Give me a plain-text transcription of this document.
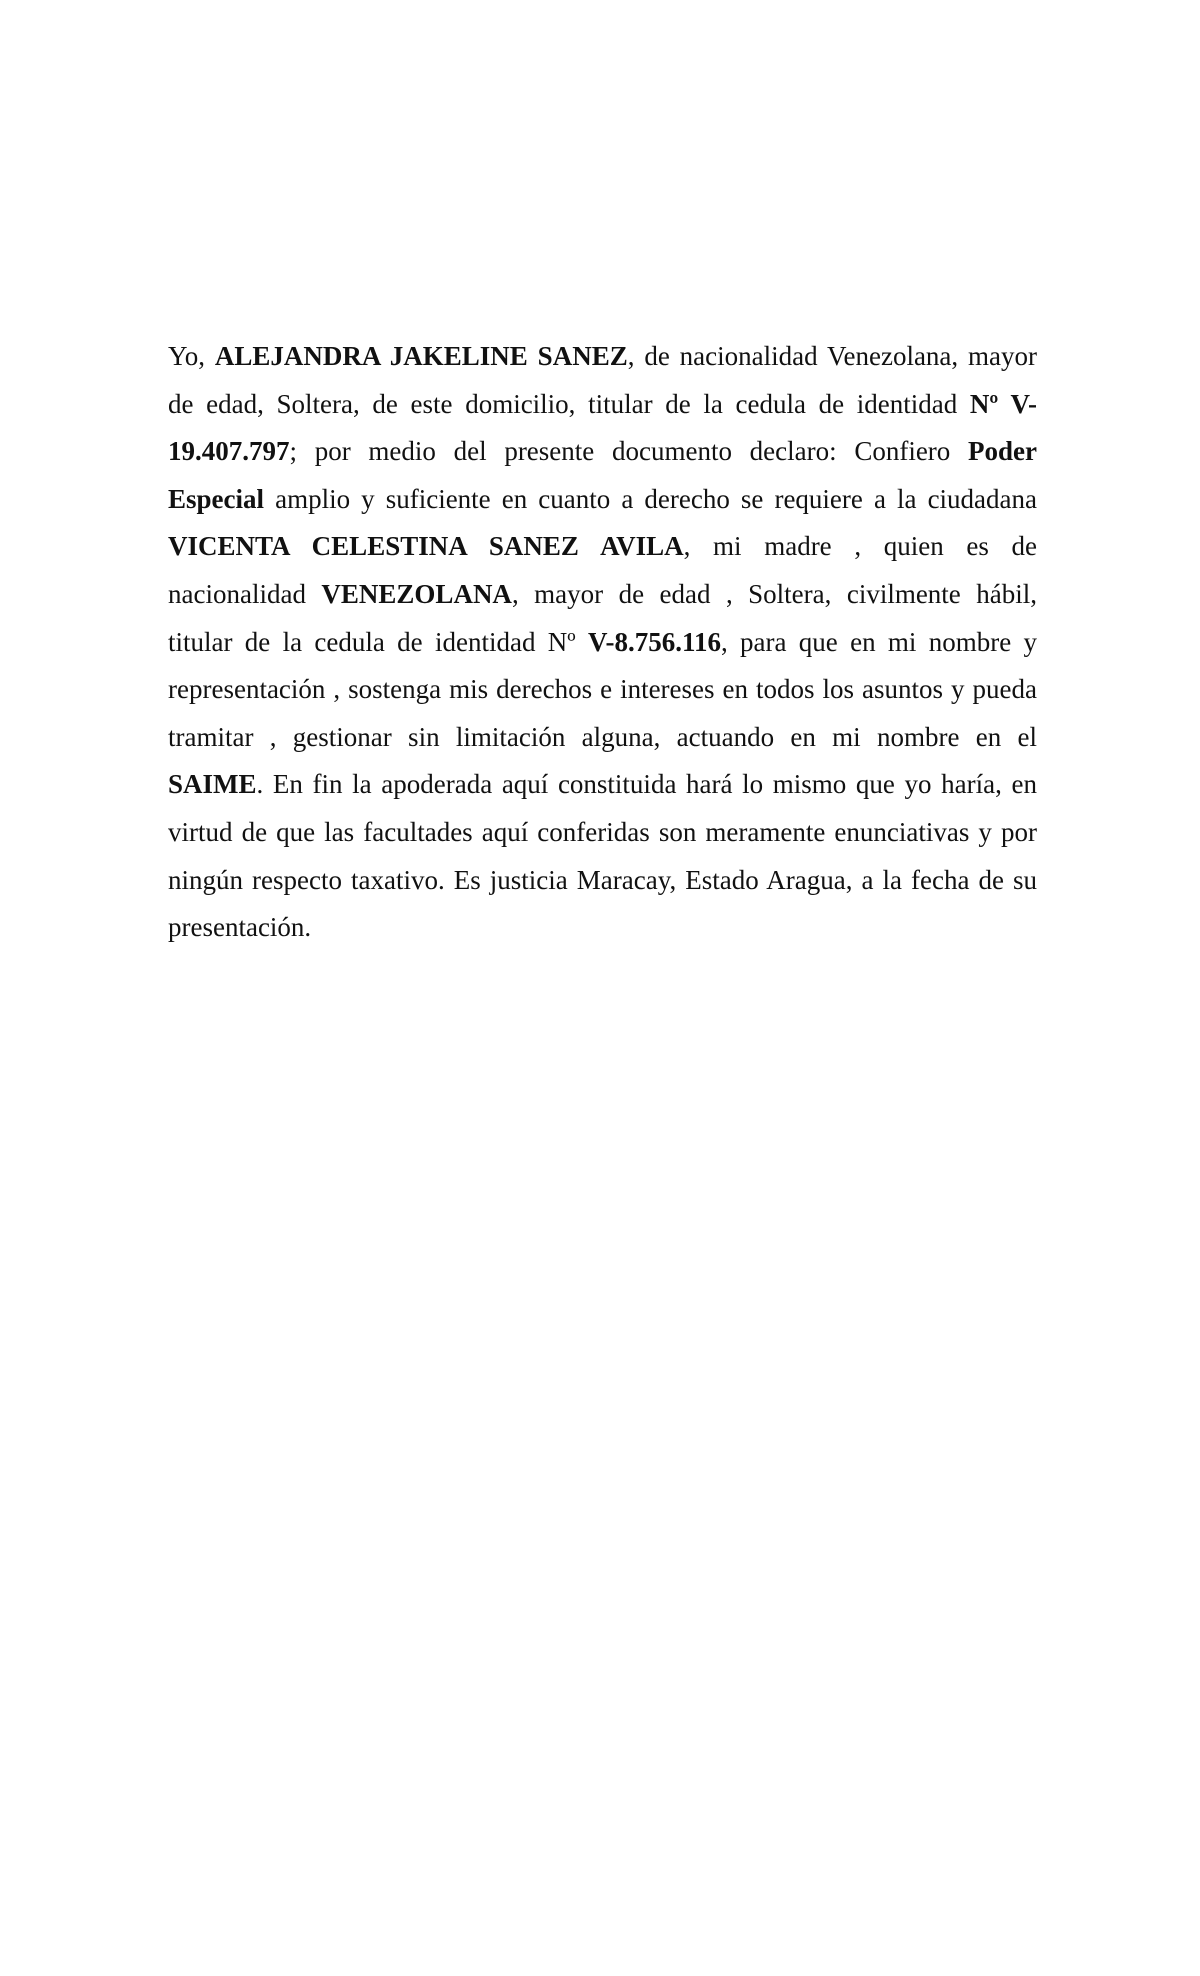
Yo, ALEJANDRA JAKELINE SANEZ, de nacionalidad Venezolana, mayor de edad, Soltera, de este domicilio, titular de la cedula de identidad Nº V-19.407.797; por medio del presente documento declaro: Confiero Poder Especial amplio y suficiente en cuanto a derecho se requiere a la ciudadana VICENTA CELESTINA SANEZ AVILA, mi madre , quien es de nacionalidad VENEZOLANA, mayor de edad , Soltera, civilmente hábil, titular de la cedula de identidad Nº V-8.756.116, para que en mi nombre y representación , sostenga mis derechos e intereses en todos los asuntos y pueda tramitar , gestionar sin limitación alguna, actuando en mi nombre en el SAIME. En fin la apoderada aquí constituida hará lo mismo que yo haría, en virtud de que las facultades aquí conferidas son meramente enunciativas y por ningún respecto taxativo. Es justicia Maracay, Estado Aragua, a la fecha de su presentación.
